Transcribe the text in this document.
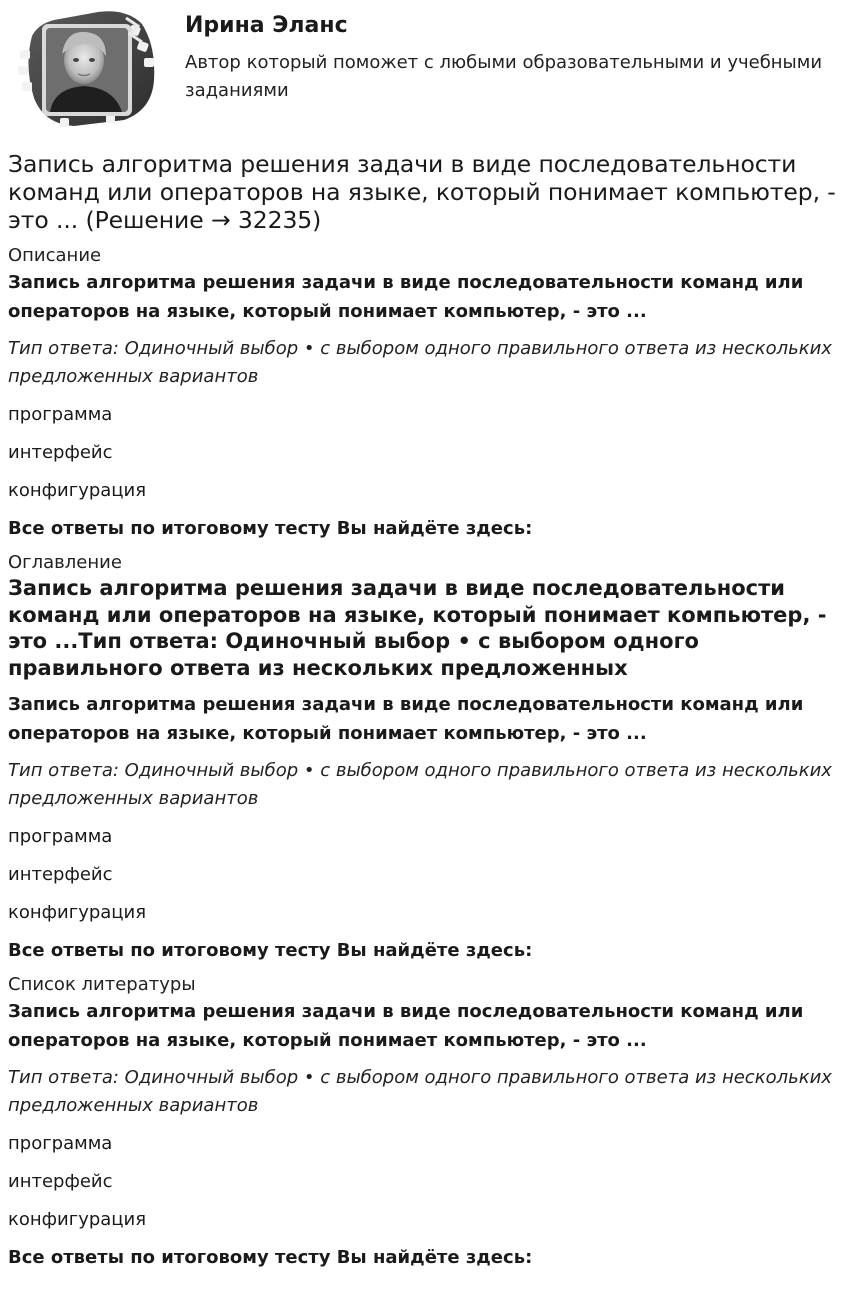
Ирина Эланс

Автор который поможет с любыми образовательными и учебными заданиями

Запись алгоритма решения задачи в виде последовательности команд или операторов на языке, который понимает компьютер, - это ... (Решение → 32235)
Описание

Запись алгоритма решения задачи в виде последовательности команд или операторов на языке, который понимает компьютер, - это ...

Тип ответа: Одиночный выбор • с выбором одного правильного ответа из нескольких предложенных вариантов

программа

интерфейс

конфигурация

Все ответы по итоговому тесту Вы найдёте здесь:

Оглавление
Запись алгоритма решения задачи в виде последовательности команд или операторов на языке, который понимает компьютер, - это ...Тип ответа: Одиночный выбор • с выбором одного правильного ответа из нескольких предложенных

Запись алгоритма решения задачи в виде последовательности команд или операторов на языке, который понимает компьютер, - это ...

Тип ответа: Одиночный выбор • с выбором одного правильного ответа из нескольких предложенных вариантов

программа

интерфейс

конфигурация

Все ответы по итоговому тесту Вы найдёте здесь:

Список литературы

Запись алгоритма решения задачи в виде последовательности команд или операторов на языке, который понимает компьютер, - это ...

Тип ответа: Одиночный выбор • с выбором одного правильного ответа из нескольких предложенных вариантов

программа

интерфейс

конфигурация

Все ответы по итоговому тесту Вы найдёте здесь:
